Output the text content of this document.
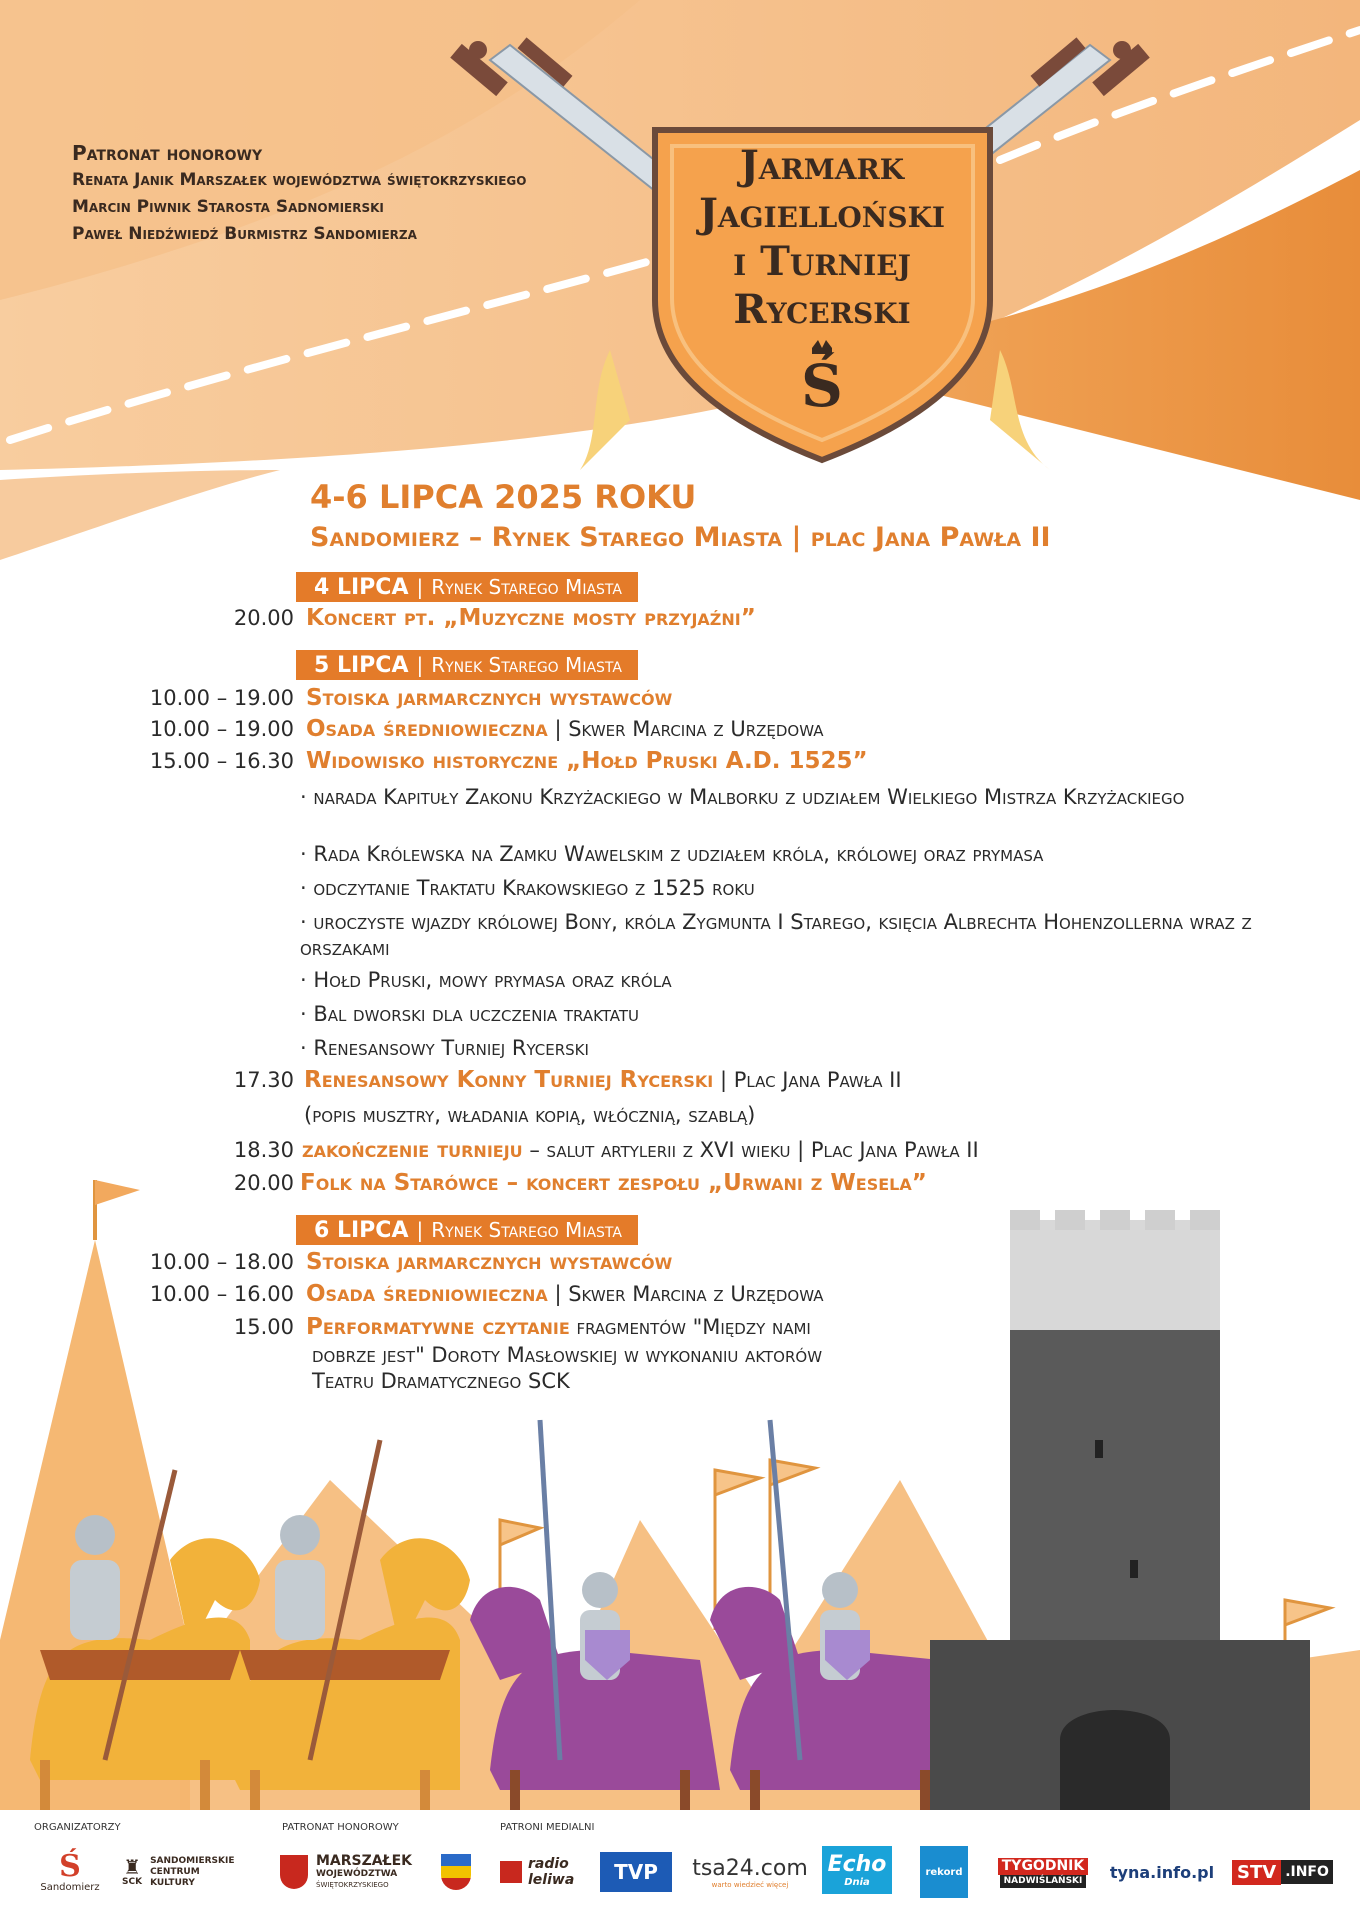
Patronat honorowy
Renata Janik Marszałek województwa świętokrzyskiego
Marcin Piwnik Starosta Sadnomierski
Paweł Niedźwiedź Burmistrz Sandomierza
Jarmark
Jagielloński
i Turniej
Rycerski
Ś
4-6 LIPCA 2025 ROKU
Sandomierz – Rynek Starego Miasta | plac Jana Pawła II
4 LIPCA | Rynek Starego Miasta
20.00 Koncert pt. „Muzyczne mosty przyjaźni”
5 LIPCA | Rynek Starego Miasta
10.00 – 19.00 Stoiska jarmarcznych wystawców
10.00 – 19.00 Osada średniowieczna | Skwer Marcina z Urzędowa
15.00 – 16.30 Widowisko historyczne „Hołd Pruski A.D. 1525”
· narada Kapituły Zakonu Krzyżackiego w Malborku z udziałem Wielkiego Mistrza Krzyżackiego
· Rada Królewska na Zamku Wawelskim z udziałem króla, królowej oraz prymasa
· odczytanie Traktatu Krakowskiego z 1525 roku
· uroczyste wjazdy królowej Bony, króla Zygmunta I Starego, księcia Albrechta Hohenzollerna wraz z orszakami
· Hołd Pruski, mowy prymasa oraz króla
· Bal dworski dla uczczenia traktatu
· Renesansowy Turniej Rycerski
17.30 Renesansowy Konny Turniej Rycerski | Plac Jana Pawła II
(popis musztry, władania kopią, włócznią, szablą)
18.30 zakończenie turnieju – salut artylerii z XVI wieku | Plac Jana Pawła II
20.00 Folk na Starówce – koncert zespołu „Urwani z Wesela”
6 LIPCA | Rynek Starego Miasta
10.00 – 18.00 Stoiska jarmarcznych wystawców
10.00 – 16.00 Osada średniowieczna | Skwer Marcina z Urzędowa
15.00 Performatywne czytanie fragmentów "Między nami
dobrze jest" Doroty Masłowskiej w wykonaniu aktorów
Teatru Dramatycznego SCK
ORGANIZATORZY	PATRONAT HONOROWY	PATRONI MEDIALNI
Ś
Sandomierz
♜
SCK
SANDOMIERSKIE
CENTRUM
KULTURY
MARSZAŁEK
WOJEWÓDZTWA
ŚWIĘTOKRZYSKIEGO
radio
leliwa	TVP	tsa24.com
warto wiedzieć więcej
Echo
Dnia
rekord	TYGODNIK
NADWIŚLAŃSKI tyna.info.pl STV .INFO
